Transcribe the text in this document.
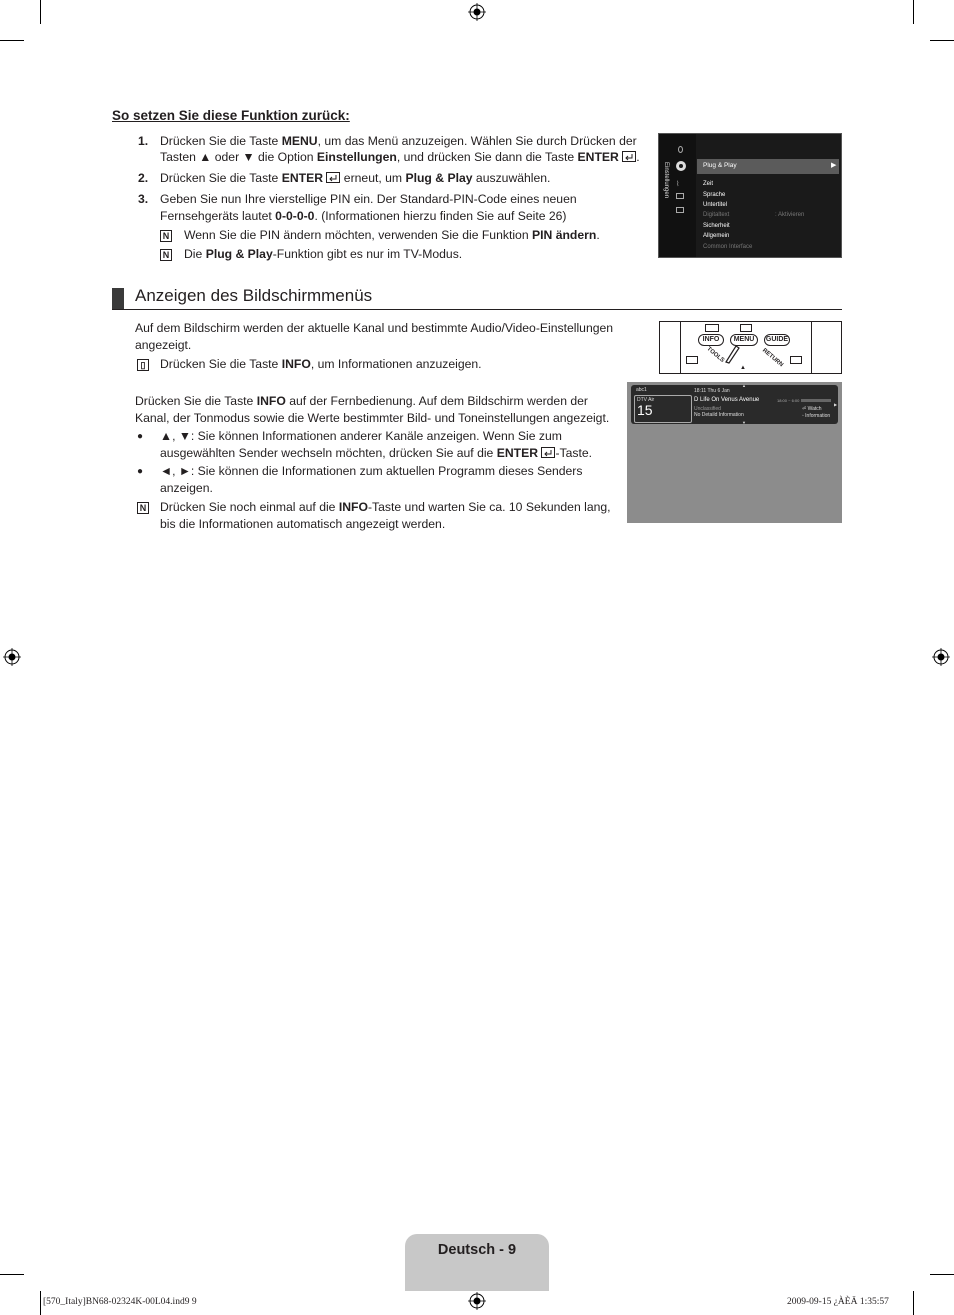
So setzen Sie diese Funktion zurück:
1. Drücken Sie die Taste MENU, um das Menü anzuzeigen. Wählen Sie durch Drücken der
Tasten ▲ oder ▼ die Option Einstellungen, und drücken Sie dann die Taste ENTER .
2. Drücken Sie die Taste ENTER  erneut, um Plug & Play auszuwählen.
3. Geben Sie nun Ihre vierstellige PIN ein. Der Standard-PIN-Code eines neuen
Fernsehgeräts lautet 0-0-0-0. (Informationen hierzu finden Sie auf Seite 26)
N Wenn Sie die PIN ändern möchten, verwenden Sie die Funktion PIN ändern.
N Die Plug & Play-Funktion gibt es nur im TV-Modus.
Einstellungen ⌇
Plug & Play	▶
Zeit
Sprache
Untertitel
Digitaltext	: Aktivieren
Sicherheit
Allgemein
Common Interface
Anzeigen des Bildschirmmenüs
Auf dem Bildschirm werden der aktuelle Kanal und bestimmte Audio/Video-Einstellungen
angezeigt.
▯ Drücken Sie die Taste INFO, um Informationen anzuzeigen.
Drücken Sie die Taste INFO auf der Fernbedienung. Auf dem Bildschirm werden der
Kanal, der Tonmodus sowie die Werte bestimmter Bild- und Toneinstellungen angezeigt.
● ▲, ▼: Sie können Informationen anderer Kanäle anzeigen. Wenn Sie zum
ausgewählten Sender wechseln möchten, drücken Sie auf die ENTER -Taste.
● ◄, ►: Sie können die Informationen zum aktuellen Programm dieses Senders
anzeigen.
N Drücken Sie noch einmal auf die INFO-Taste und warten Sie ca. 10 Sekunden lang,
bis die Informationen automatisch angezeigt werden.
INFO	MENU	GUIDE
TOOLS	RETURN
▲
abc1
DTV Air
15
18:11 Thu 6 Jan
D Life On Venus Avenue	18:00 ~ 6:00
Unclassified
No Detaild Information
⏎ Watch
◦ Information
▲
▼
▶
Deutsch - 9
[570_Italy]BN68-02324K-00L04.ind9 9	2009-09-15 ¿ÀÈÄ 1:35:57
